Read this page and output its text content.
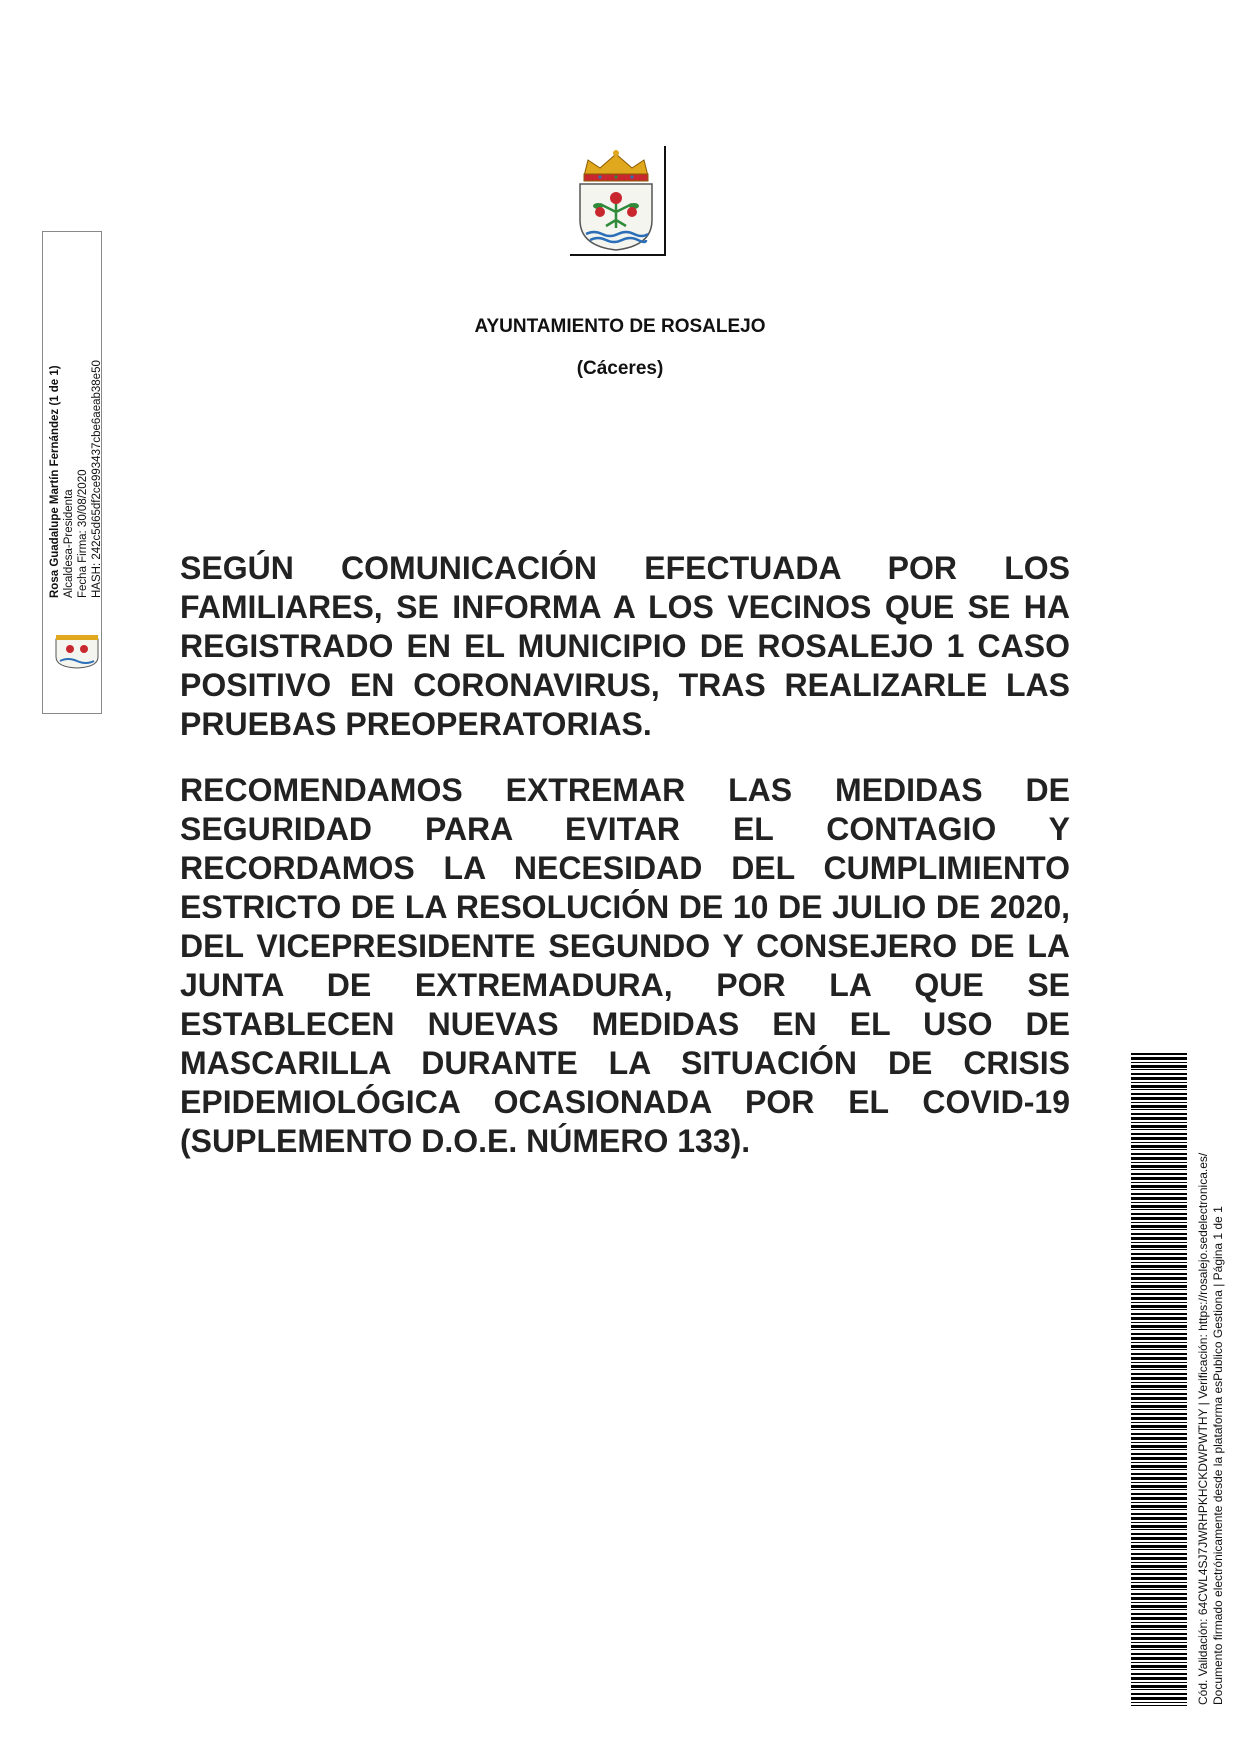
AYUNTAMIENTO DE ROSALEJO
(Cáceres)

SEGÚN COMUNICACIÓN EFECTUADA POR LOS FAMILIARES, SE INFORMA A LOS VECINOS QUE SE HA REGISTRADO EN EL MUNICIPIO DE ROSALEJO 1 CASO POSITIVO EN CORONAVIRUS, TRAS REALIZARLE LAS PRUEBAS PREOPERATORIAS.

RECOMENDAMOS EXTREMAR LAS MEDIDAS DE SEGURIDAD PARA EVITAR EL CONTAGIO Y RECORDAMOS LA NECESIDAD DEL CUMPLIMIENTO ESTRICTO DE LA RESOLUCIÓN DE 10 DE JULIO DE 2020, DEL VICEPRESIDENTE SEGUNDO Y CONSEJERO DE LA JUNTA DE EXTREMADURA, POR LA QUE SE ESTABLECEN NUEVAS MEDIDAS EN EL USO DE MASCARILLA DURANTE LA SITUACIÓN DE CRISIS EPIDEMIOLÓGICA OCASIONADA POR EL COVID-19 (SUPLEMENTO D.O.E. NÚMERO 133).

Rosa Guadalupe Martín Fernández (1 de 1) Alcaldesa-Presidenta Fecha Firma: 30/08/2020 HASH: 242c5d65df2ce993437cbe6aeab38e50
Cód. Validación: 64CWL4SJ7JWRHPKHCKDWPWTHY | Verificación: https://rosalejo.sedelectronica.es/ Documento firmado electrónicamente desde la plataforma esPublico Gestiona | Página 1 de 1
